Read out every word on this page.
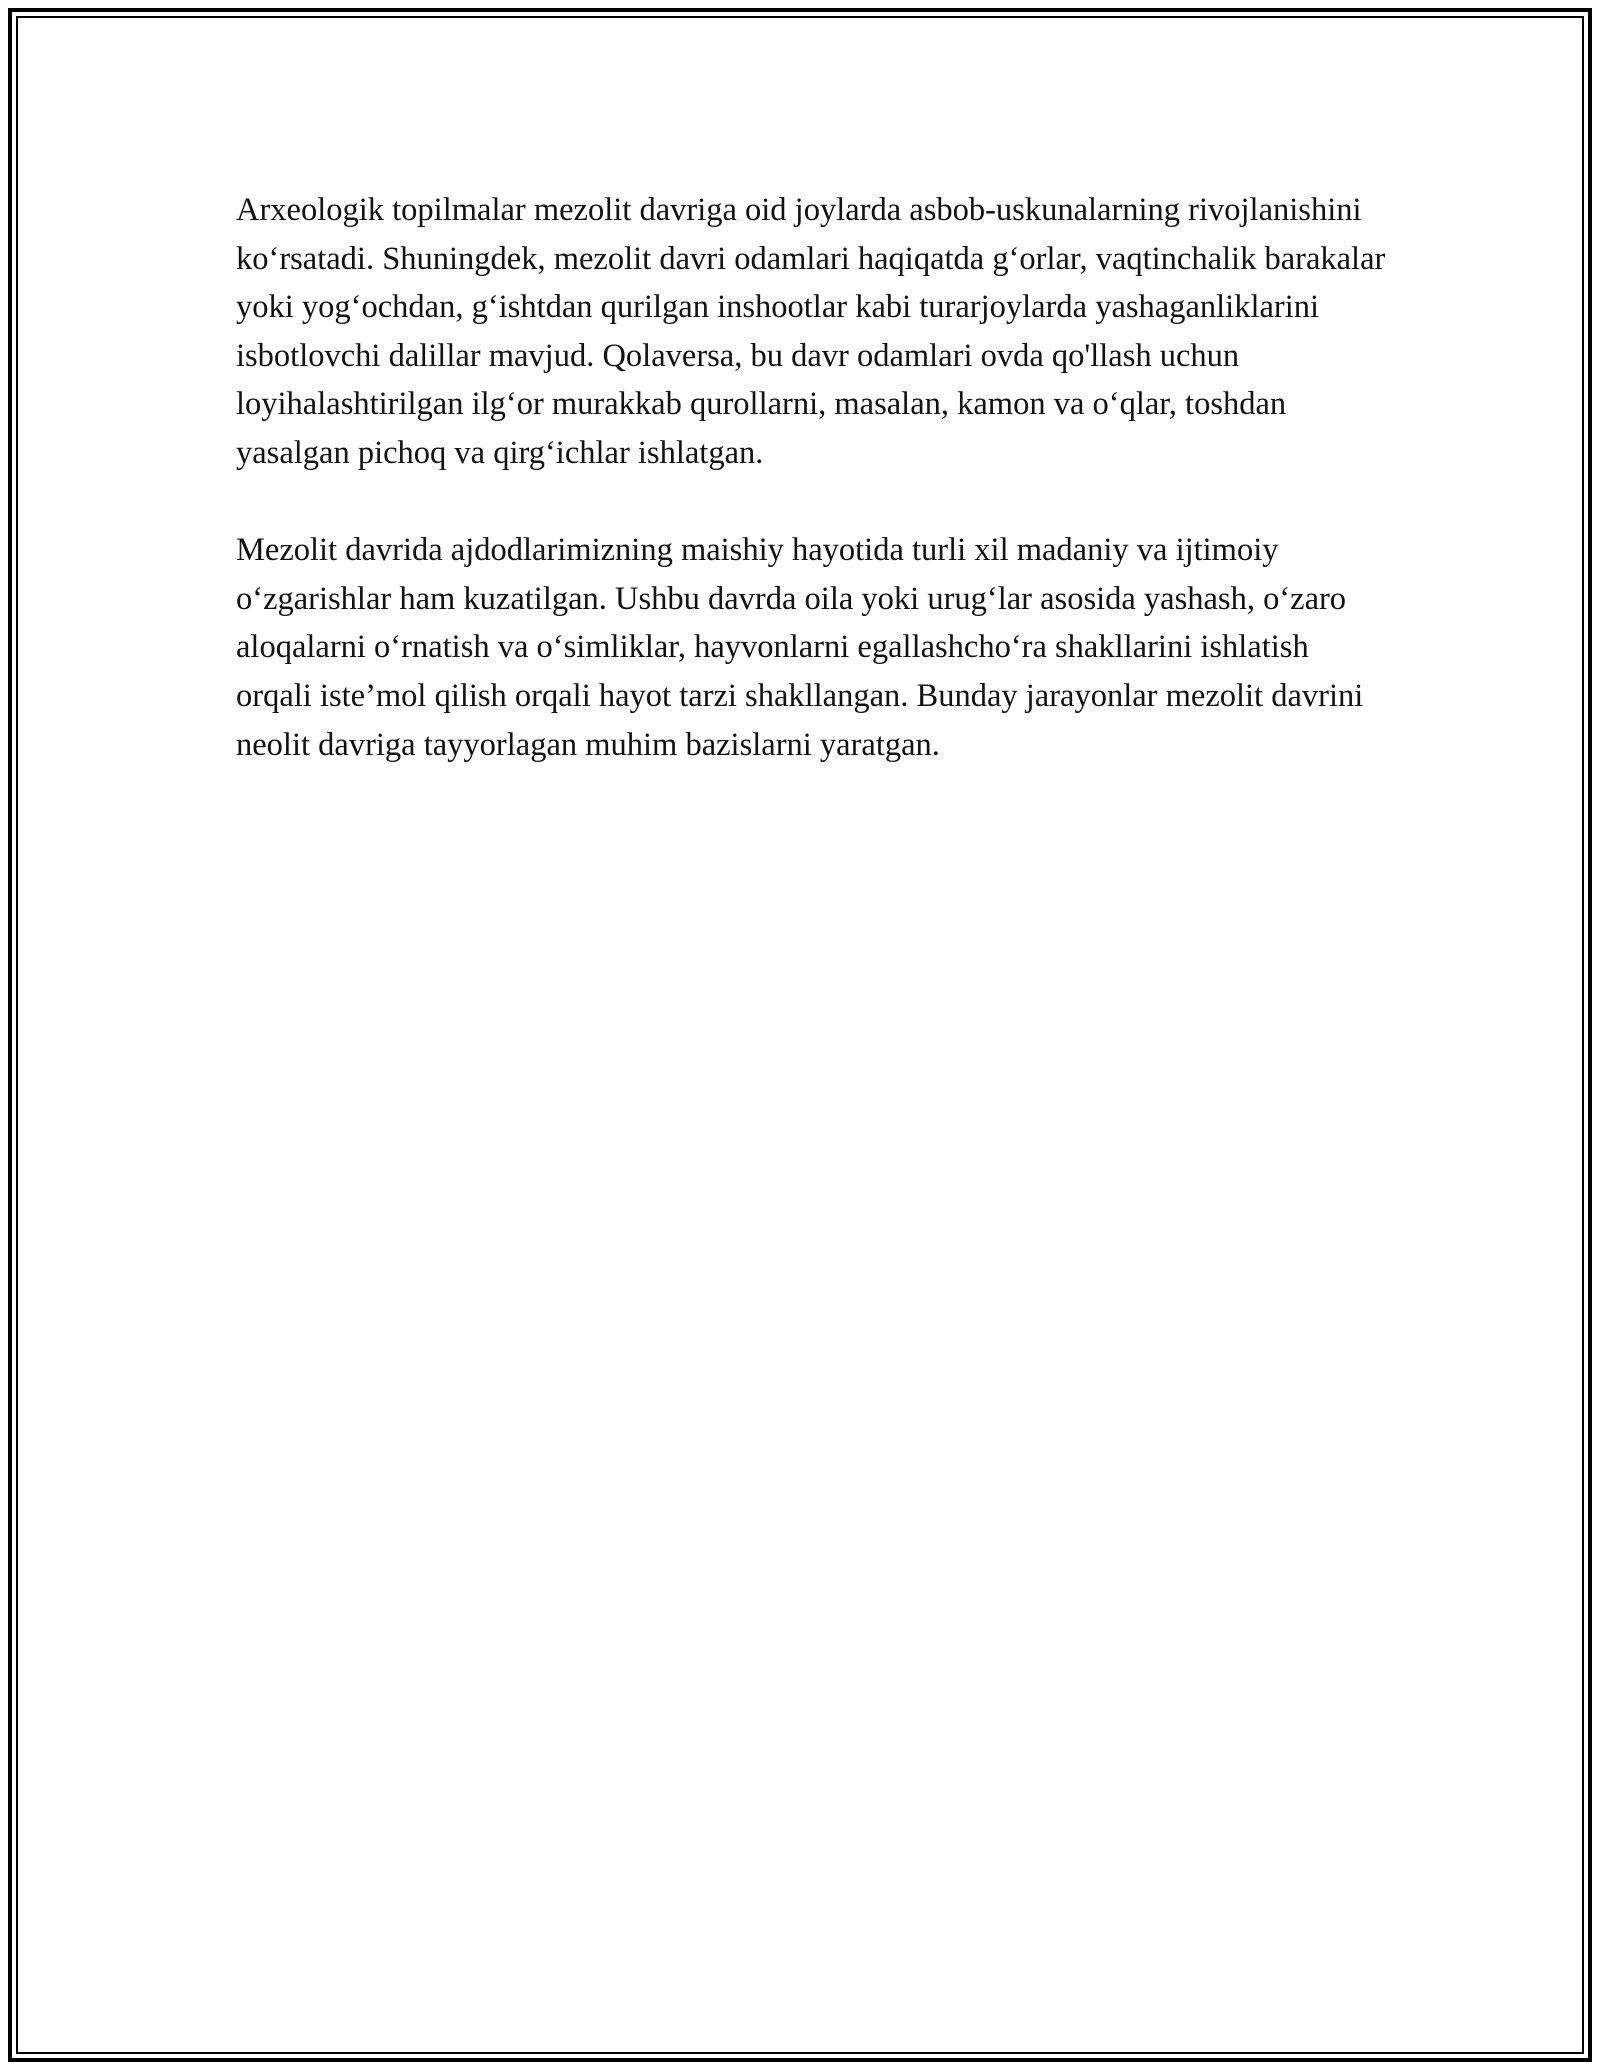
Arxeologik topilmalar mezolit davriga oid joylarda asbob-uskunalarning rivojlanishini ko‘rsatadi. Shuningdek, mezolit davri odamlari haqiqatda g‘orlar, vaqtinchalik barakalar yoki yog‘ochdan, g‘ishtdan qurilgan inshootlar kabi turarjoylarda yashaganliklarini isbotlovchi dalillar mavjud. Qolaversa, bu davr odamlari ovda qo'llash uchun loyihalashtirilgan ilg‘or murakkab qurollarni, masalan, kamon va o‘qlar, toshdan yasalgan pichoq va qirg‘ichlar ishlatgan.

Mezolit davrida ajdodlarimizning maishiy hayotida turli xil madaniy va ijtimoiy o‘zgarishlar ham kuzatilgan. Ushbu davrda oila yoki urug‘lar asosida yashash, o‘zaro aloqalarni o‘rnatish va o‘simliklar, hayvonlarni egallashcho‘ra shakllarini ishlatish orqali iste’mol qilish orqali hayot tarzi shakllangan. Bunday jarayonlar mezolit davrini neolit davriga tayyorlagan muhim bazislarni yaratgan.
